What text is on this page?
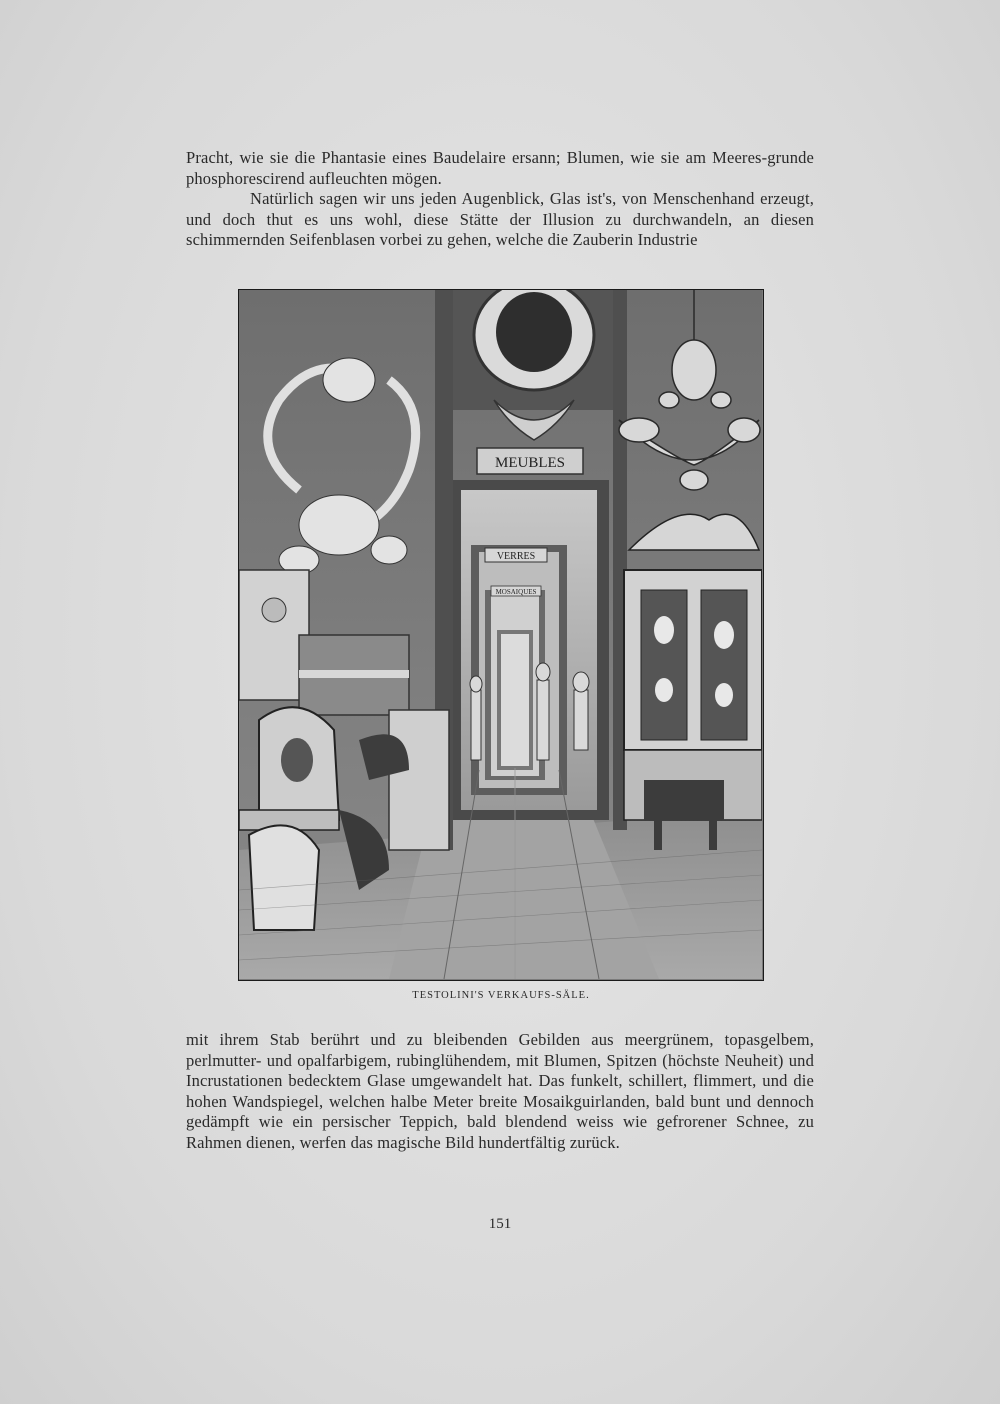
Pracht, wie sie die Phantasie eines Baudelaire ersann; Blumen, wie sie am Meeres-grunde phosphorescirend aufleuchten mögen.

Natürlich sagen wir uns jeden Augenblick, Glas ist's, von Menschenhand erzeugt, und doch thut es uns wohl, diese Stätte der Illusion zu durchwandeln, an diesen schimmernden Seifenblasen vorbei zu gehen, welche die Zauberin Industrie

MEUBLES
VERRES
MOSAIQUES
TESTOLINI'S VERKAUFS-SÄLE.

mit ihrem Stab berührt und zu bleibenden Gebilden aus meergrünem, topasgelbem, perlmutter- und opalfarbigem, rubinglühendem, mit Blumen, Spitzen (höchste Neuheit) und Incrustationen bedecktem Glase umgewandelt hat. Das funkelt, schillert, flimmert, und die hohen Wandspiegel, welchen halbe Meter breite Mosaikguirlanden, bald bunt und dennoch gedämpft wie ein persischer Teppich, bald blendend weiss wie gefrorener Schnee, zu Rahmen dienen, werfen das magische Bild hundertfältig zurück.

151
